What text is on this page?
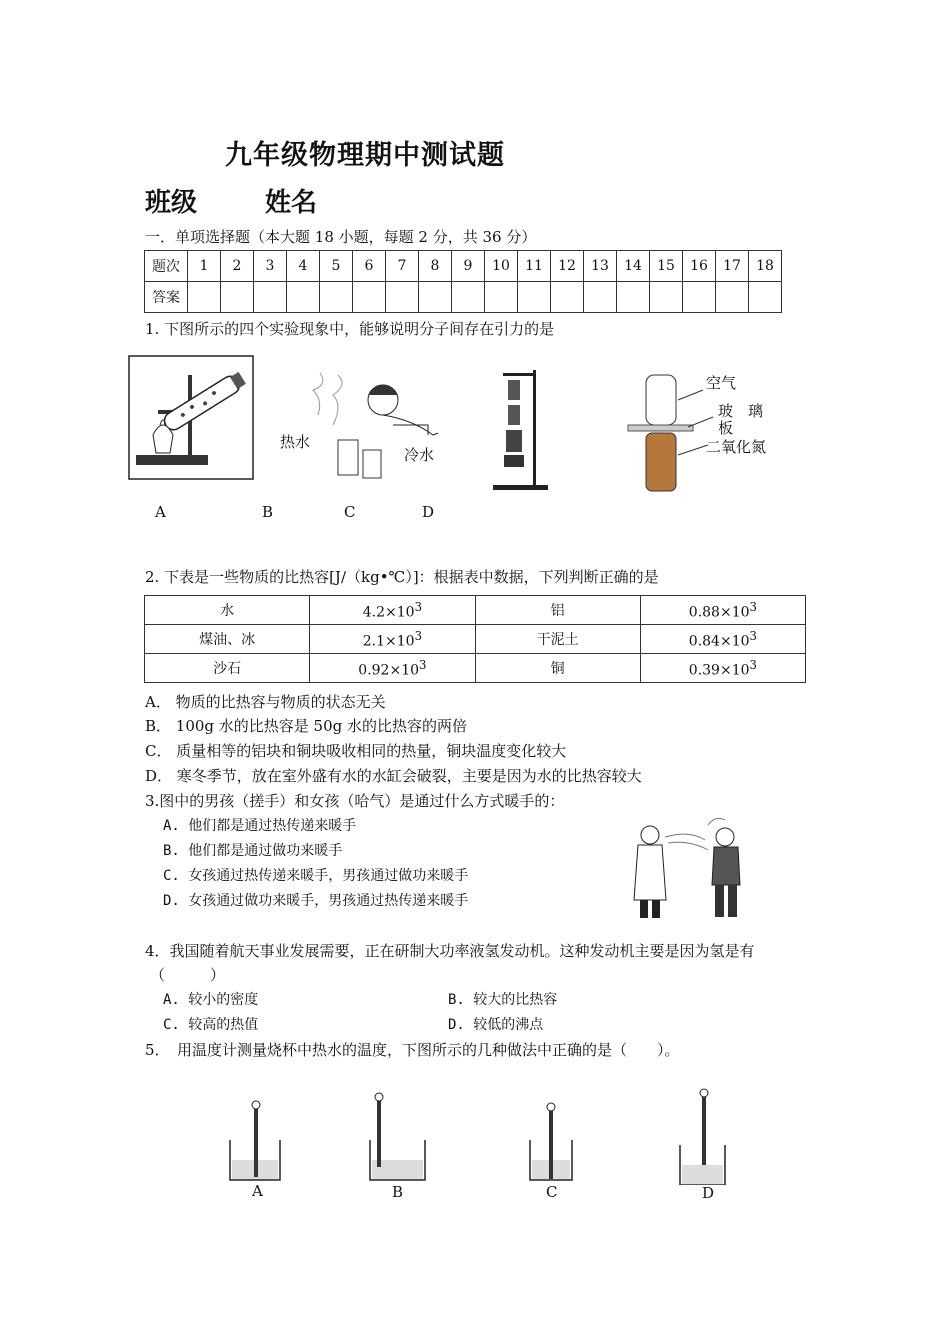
九年级物理期中测试题
班级	姓名
一．单项选择题（本大题 18 小题，每题 2 分，共 36 分）
题次	1	2	3	4	5	6	7	8	9	10	11	12	13	14	15	16	17	18
答案																		
1. 下图所示的四个实验现象中，能够说明分子间存在引力的是
热水
冷水
空气
玻　璃
板
二氧化氮
A	B	C	D
2. 下表是一些物质的比热容[J/（kg•℃）]：根据表中数据，下列判断正确的是
水	$4.2\times 10^3$	铝	$0.88\times 10^3$
煤油、冰	$2.1\times 10^3$	干泥土	$0.84\times 10^3$
沙石	$0.92\times 10^3$	铜	$0.39\times 10^3$
A． 物质的比热容与物质的状态无关
B． 100g 水的比热容是 50g 水的比热容的两倍
C． 质量相等的铝块和铜块吸收相同的热量，铜块温度变化较大
D． 寒冬季节，放在室外盛有水的水缸会破裂，主要是因为水的比热容较大
3.图中的男孩（搓手）和女孩（哈气）是通过什么方式暖手的：
A. 他们都是通过热传递来暖手
B. 他们都是通过做功来暖手
C. 女孩通过热传递来暖手，男孩通过做功来暖手
D. 女孩通过做功来暖手，男孩通过热传递来暖手
4．我国随着航天事业发展需要，正在研制大功率液氢发动机。这种发动机主要是因为氢是有
（　　　）
A. 较小的密度	B. 较大的比热容
C. 较高的热值	D. 较低的沸点
5．　用温度计测量烧杯中热水的温度，下图所示的几种做法中正确的是（　　）。
A	B	C	D
